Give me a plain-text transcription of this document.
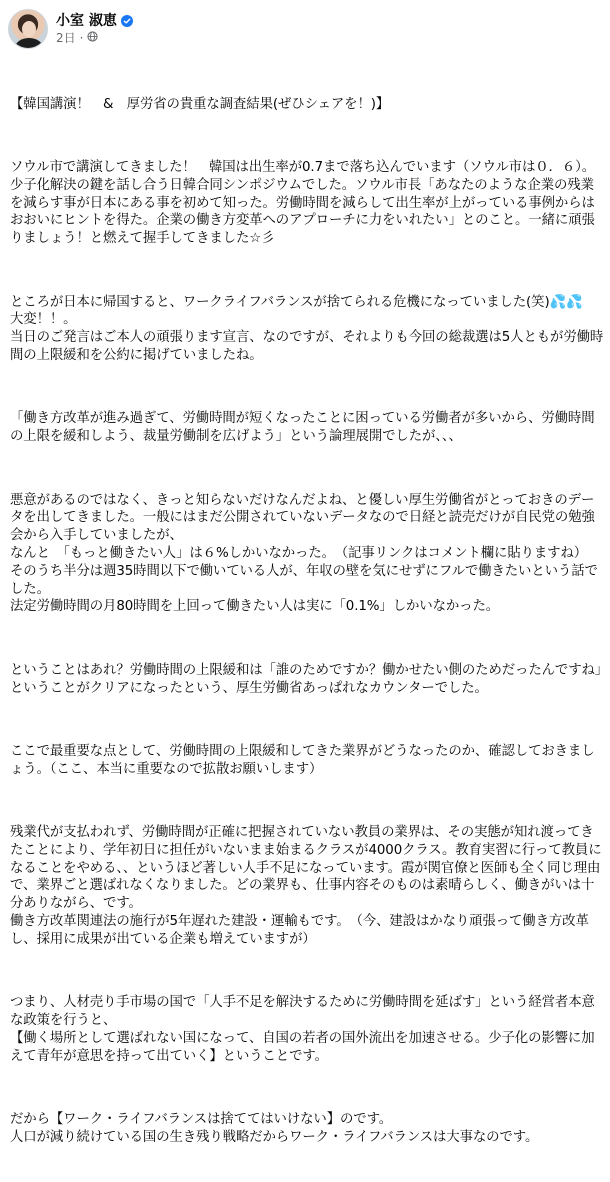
小室 淑恵
2日 ·

【韓国講演！　&　厚労省の貴重な調査結果(ぜひシェアを！)】

ソウル市で講演してきました！　韓国は出生率が0.7まで落ち込んでいます（ソウル市は０．６）。少子化解決の鍵を話し合う日韓合同シンポジウムでした。ソウル市長「あなたのような企業の残業を減らす事が日本にある事を初めて知った。労働時間を減らして出生率が上がっている事例からはおおいにヒントを得た。企業の働き方変革へのアプローチに力をいれたい」とのこと。一緒に頑張りましょう！と燃えて握手してきました☆彡

ところが日本に帰国すると、ワークライフバランスが捨てられる危機になっていました(笑)💦💦
大変！！。
当日のご発言はご本人の頑張ります宣言、なのですが、それよりも今回の総裁選は5人ともが労働時間の上限緩和を公約に掲げていましたね。

「働き方改革が進み過ぎて、労働時間が短くなったことに困っている労働者が多いから、労働時間の上限を緩和しよう、裁量労働制を広げよう」という論理展開でしたが、、、

悪意があるのではなく、きっと知らないだけなんだよね、と優しい厚生労働省がとっておきのデータを出してきました。一般にはまだ公開されていないデータなので日経と読売だけが自民党の勉強会から入手していましたが、
なんと　「もっと働きたい人」は６%しかいなかった。　（記事リンクはコメント欄に貼りますね）
そのうち半分は週35時間以下で働いている人が、年収の壁を気にせずにフルで働きたいという話でした。
法定労働時間の月80時間を上回って働きたい人は実に「0.1%」しかいなかった。

ということはあれ？労働時間の上限緩和は「誰のためですか？働かせたい側のためだったんですね」ということがクリアになったという、厚生労働省あっぱれなカウンターでした。

ここで最重要な点として、労働時間の上限緩和してきた業界がどうなったのか、確認しておきましょう。（ここ、本当に重要なので拡散お願いします）

残業代が支払われず、労働時間が正確に把握されていない教員の業界は、その実態が知れ渡ってきたことにより、学年初日に担任がいないまま始まるクラスが4000クラス。教育実習に行って教員になることをやめる、、というほど著しい人手不足になっています。霞が関官僚と医師も全く同じ理由で、業界ごと選ばれなくなりました。どの業界も、仕事内容そのものは素晴らしく、働きがいは十分ありながら、です。
働き方改革関連法の施行が5年遅れた建設・運輸もです。　（今、建設はかなり頑張って働き方改革し、採用に成果が出ている企業も増えていますが）

つまり、人材売り手市場の国で「人手不足を解決するために労働時間を延ばす」という経営者本意な政策を行うと、
【働く場所として選ばれない国になって、自国の若者の国外流出を加速させる。少子化の影響に加えて青年が意思を持って出ていく】ということです。

だから【ワーク・ライフバランスは捨ててはいけない】のです。
人口が減り続けている国の生き残り戦略だからワーク・ライフバランスは大事なのです。
